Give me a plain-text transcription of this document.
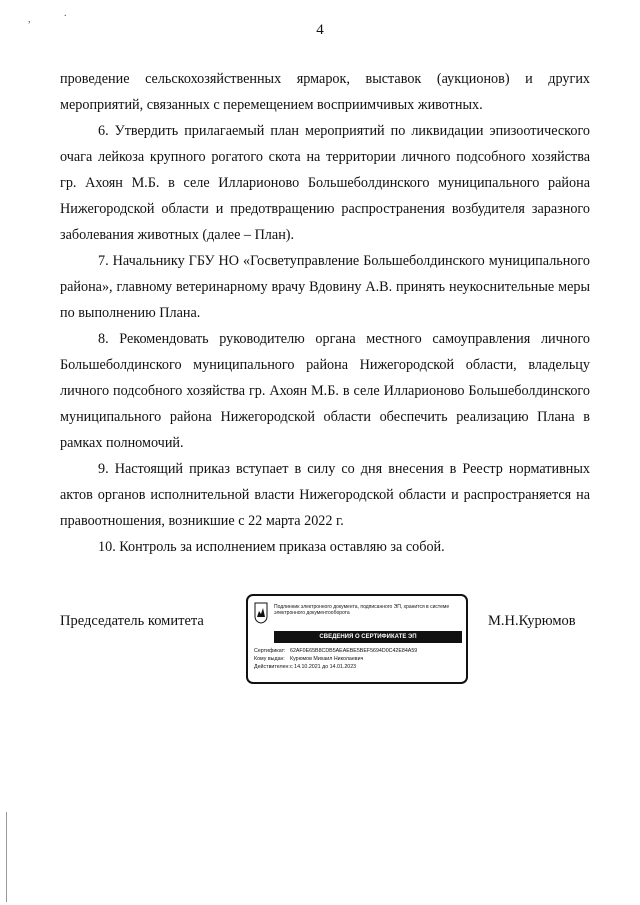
4
,
.
проведение сельскохозяйственных ярмарок, выставок (аукционов) и других мероприятий, связанных с перемещением восприимчивых животных.
6. Утвердить прилагаемый план мероприятий по ликвидации эпизоотического очага лейкоза крупного рогатого скота на территории личного подсобного хозяйства гр. Ахоян М.Б. в селе Илларионово Большеболдинского муниципального района Нижегородской области и предотвращению распространения возбудителя заразного заболевания животных (далее – План).
7. Начальнику ГБУ НО «Госветуправление Большеболдинского муниципального района», главному ветеринарному врачу Вдовину А.В. принять неукоснительные меры по выполнению Плана.
8. Рекомендовать руководителю органа местного самоуправления личного Большеболдинского муниципального района Нижегородской области, владельцу личного подсобного хозяйства гр. Ахоян М.Б. в селе Илларионово Большеболдинского муниципального района Нижегородской области обеспечить реализацию Плана в рамках полномочий.
9. Настоящий приказ вступает в силу со дня внесения в Реестр нормативных актов органов исполнительной власти Нижегородской области и распространяется на правоотношения, возникшие с 22 марта 2022 г.
10. Контроль за исполнением приказа оставляю за собой.
Председатель комитета	М.Н.Курюмов
Подлинник электронного документа, подписанного ЭП, хранится в системе электронного документооборота
СВЕДЕНИЯ О СЕРТИФИКАТЕ ЭП
Сертификат: 62AF0E65B8CDB5AEAEBE5BEF5694D0C42E84A59
Кому выдан: Курюмов Михаил Николаевич
Действителен:с 14.10.2021 до 14.01.2023
